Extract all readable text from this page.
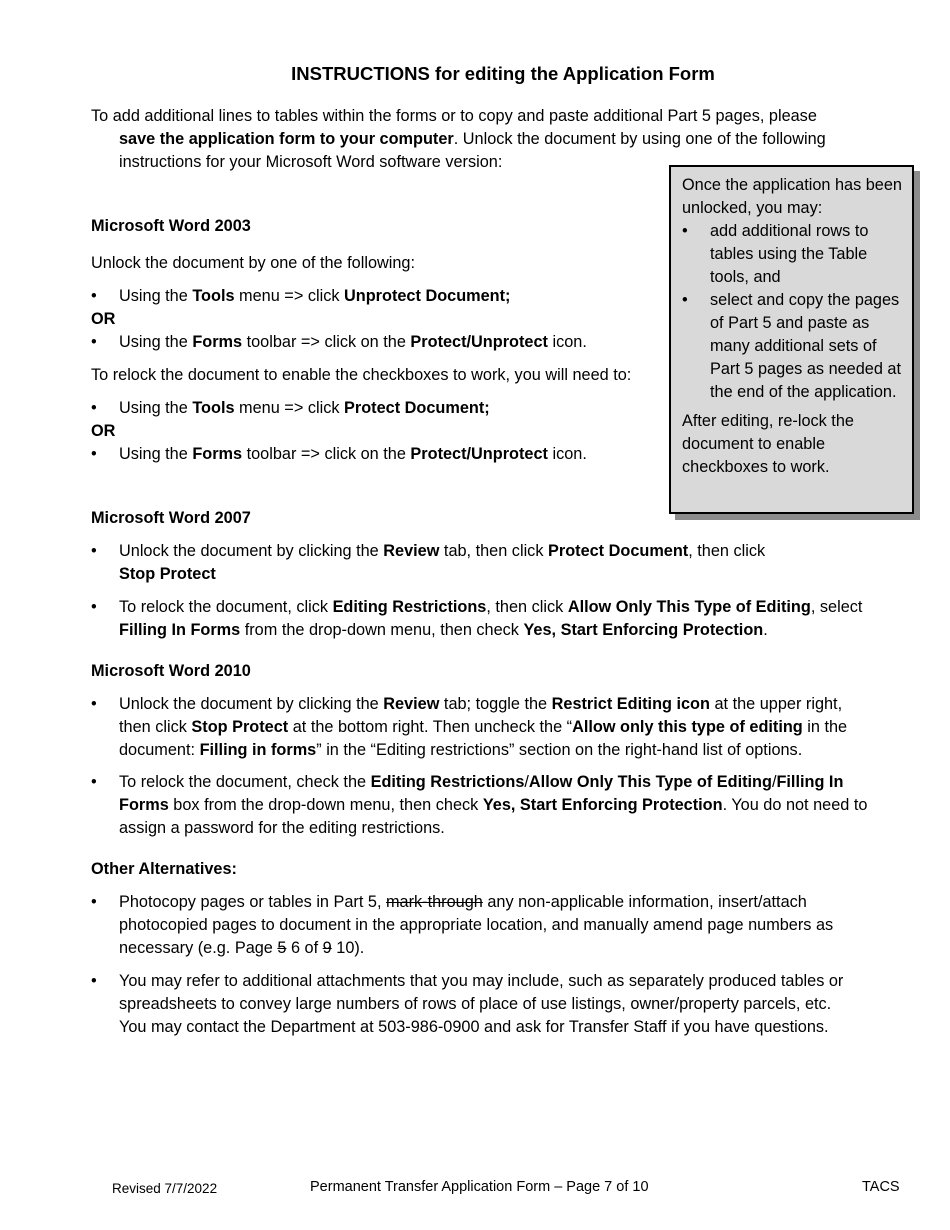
INSTRUCTIONS for editing the Application Form
To add additional lines to tables within the forms or to copy and paste additional Part 5 pages, please
save the application form to your computer. Unlock the document by using one of the following
instructions for your Microsoft Word software version:
Once the application has been unlocked, you may:
• add additional rows to tables using the Table tools, and
• select and copy the pages of Part 5 and paste as many additional sets of Part 5 pages as needed at the end of the application.
After editing, re-lock the document to enable checkboxes to work.
Microsoft Word 2003
Unlock the document by one of the following:
•	Using the Tools menu => click Unprotect Document;
OR
•	Using the Forms toolbar => click on the Protect/Unprotect icon.
To relock the document to enable the checkboxes to work, you will need to:
•	Using the Tools menu => click Protect Document;
OR
•	Using the Forms toolbar => click on the Protect/Unprotect icon.
Microsoft Word 2007
•	Unlock the document by clicking the Review tab, then click Protect Document, then click
Stop Protect
•	To relock the document, click Editing Restrictions, then click Allow Only This Type of Editing, select
Filling In Forms from the drop-down menu, then check Yes, Start Enforcing Protection.
Microsoft Word 2010
•	Unlock the document by clicking the Review tab; toggle the Restrict Editing icon at the upper right,
then click Stop Protect at the bottom right. Then uncheck the “Allow only this type of editing in the
document: Filling in forms” in the “Editing restrictions” section on the right-hand list of options.
•	To relock the document, check the Editing Restrictions/Allow Only This Type of Editing/Filling In
Forms box from the drop-down menu, then check Yes, Start Enforcing Protection. You do not need to
assign a password for the editing restrictions.
Other Alternatives:
•	Photocopy pages or tables in Part 5, mark-through any non-applicable information, insert/attach
photocopied pages to document in the appropriate location, and manually amend page numbers as
necessary (e.g. Page 5 6 of 9 10).
•	You may refer to additional attachments that you may include, such as separately produced tables or
spreadsheets to convey large numbers of rows of place of use listings, owner/property parcels, etc.
You may contact the Department at 503-986-0900 and ask for Transfer Staff if you have questions.
Revised 7/7/2022	Permanent Transfer Application Form – Page 7 of 10	TACS
